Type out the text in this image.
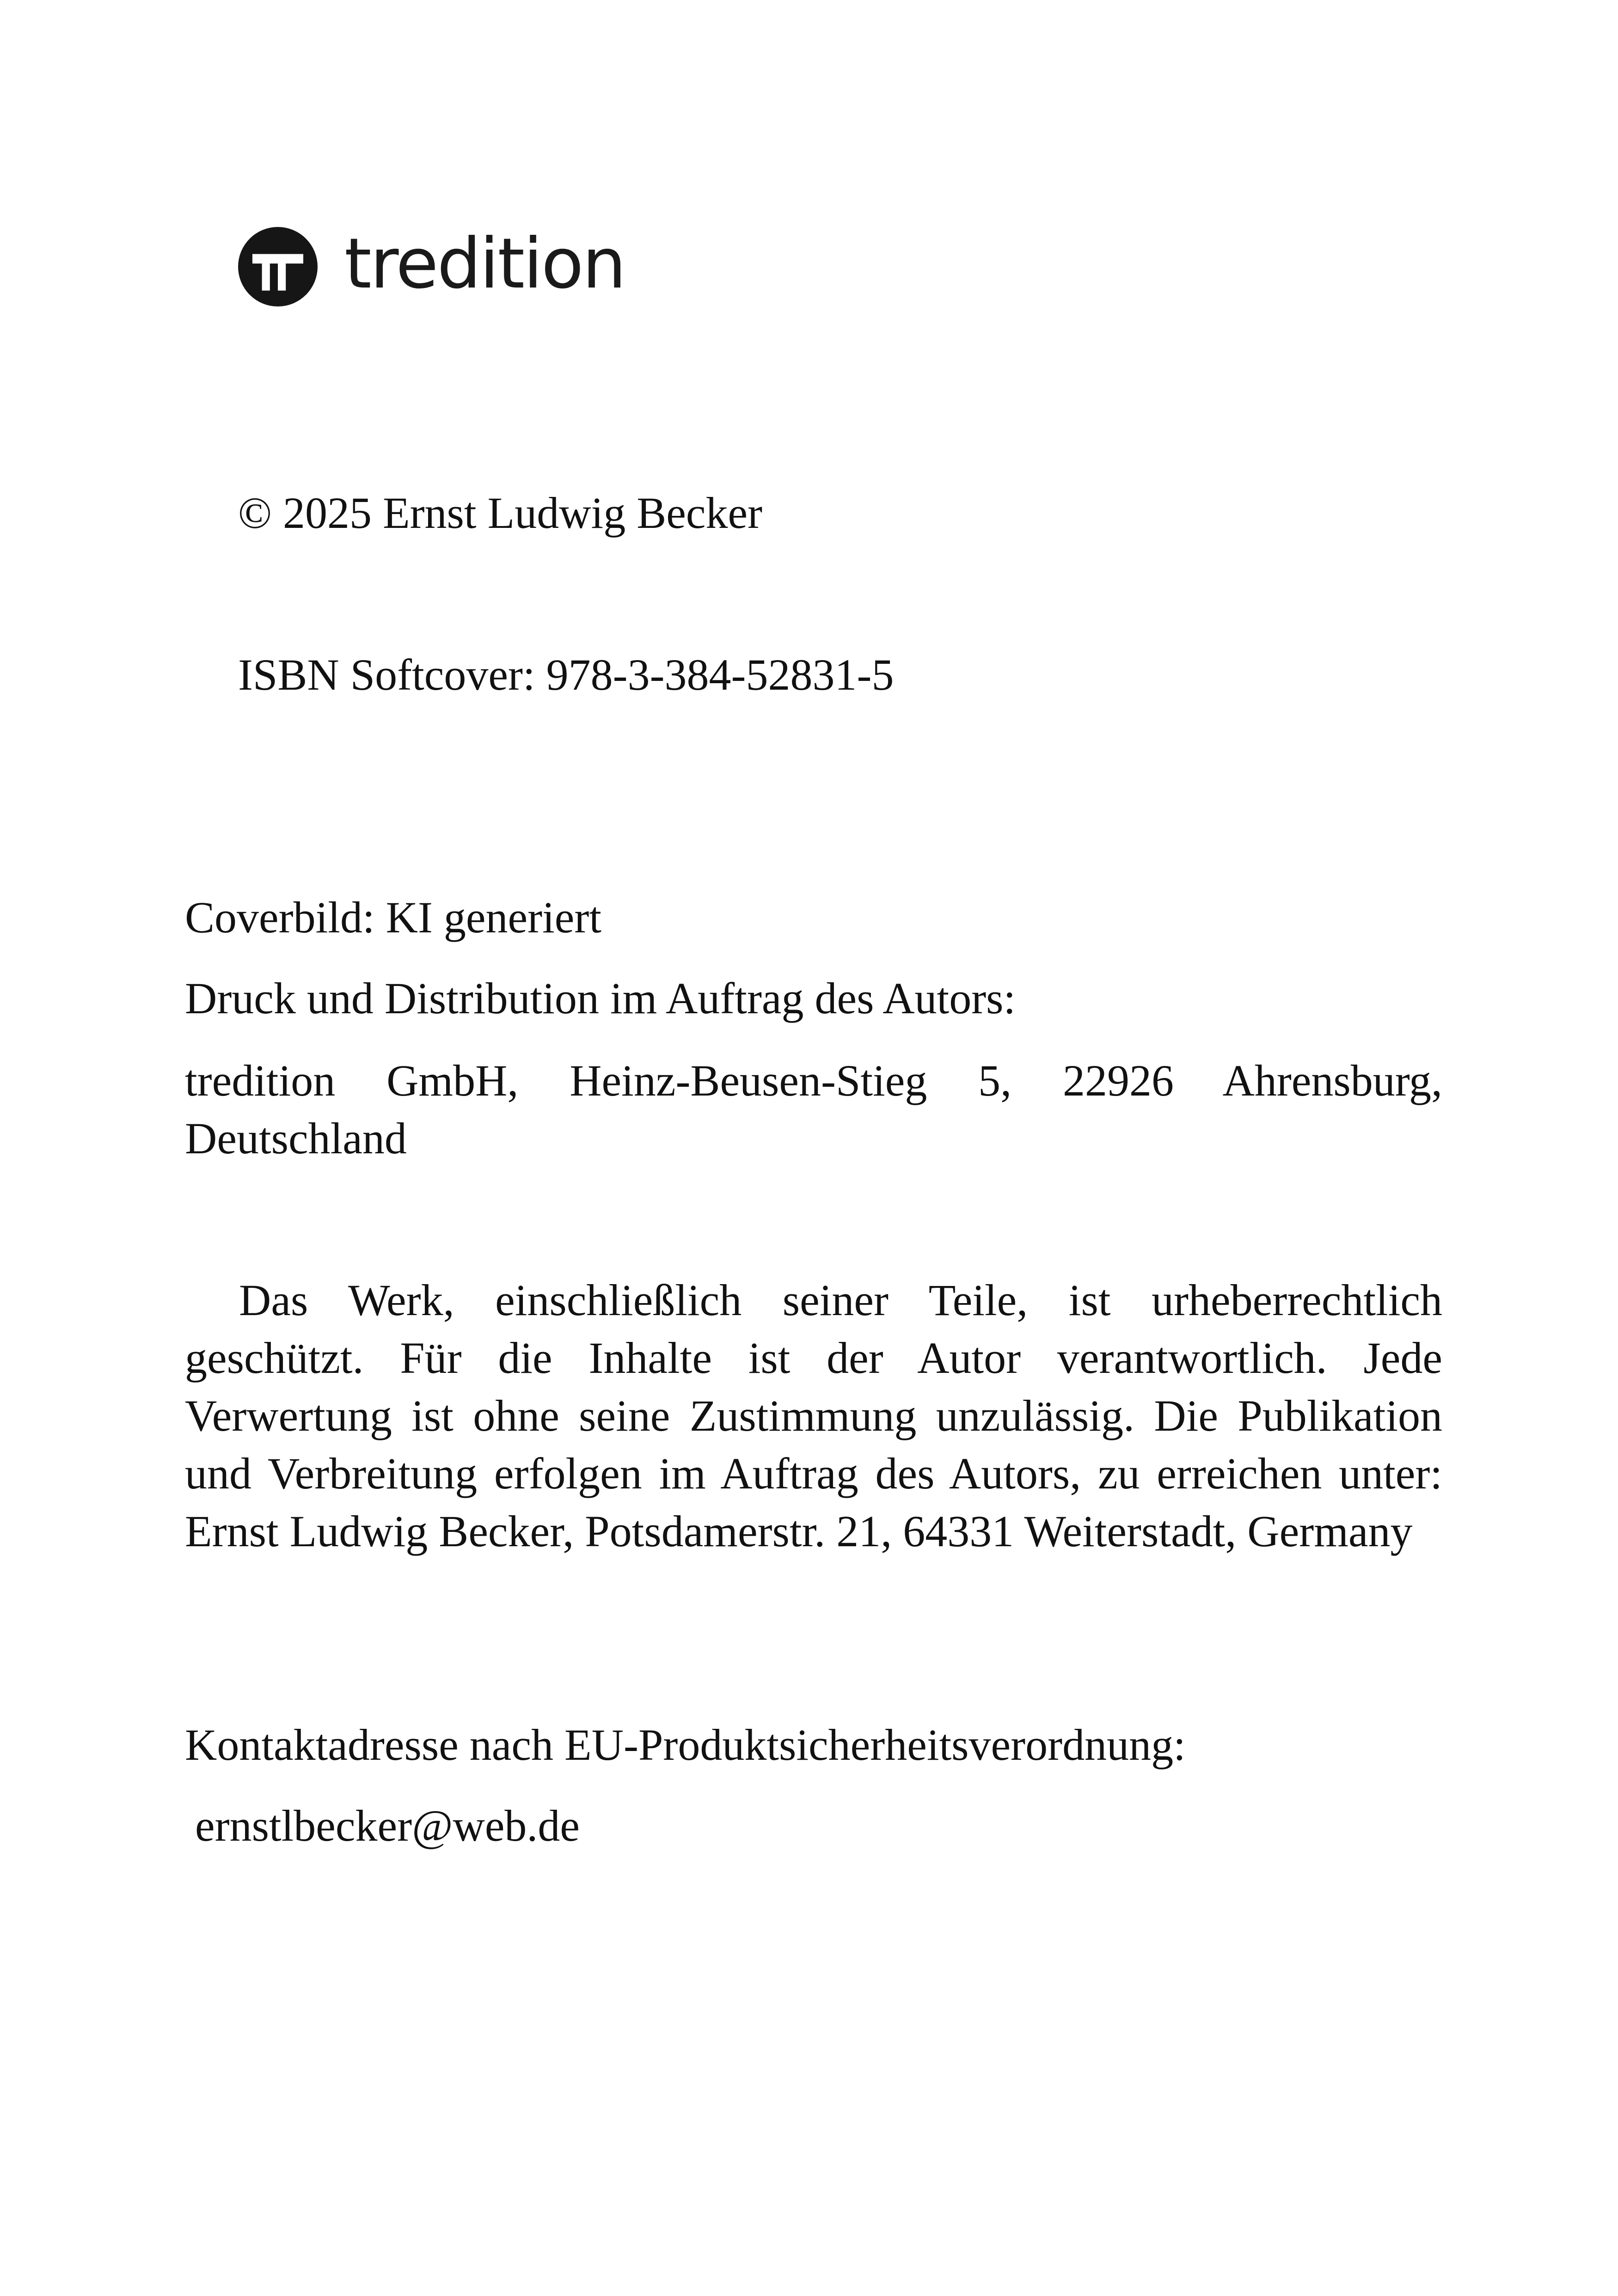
tredition
© 2025 Ernst Ludwig Becker
ISBN Softcover: 978-3-384-52831-5
Coverbild: KI generiert
Druck und Distribution im Auftrag des Autors:

tredition GmbH, Heinz-Beusen-Stieg 5, 22926 Ahrensburg, Deutschland

Das Werk, einschließlich seiner Teile, ist urheberrechtlich geschützt. Für die Inhalte ist der Autor verantwortlich. Jede Verwertung ist ohne seine Zustimmung unzulässig. Die Publikation und Verbreitung erfolgen im Auftrag des Autors, zu erreichen unter: Ernst Ludwig Becker, Potsdamerstr. 21, 64331 Weiterstadt, Germany

Kontaktadresse nach EU-Produktsicherheitsverordnung:
ernstlbecker@web.de
